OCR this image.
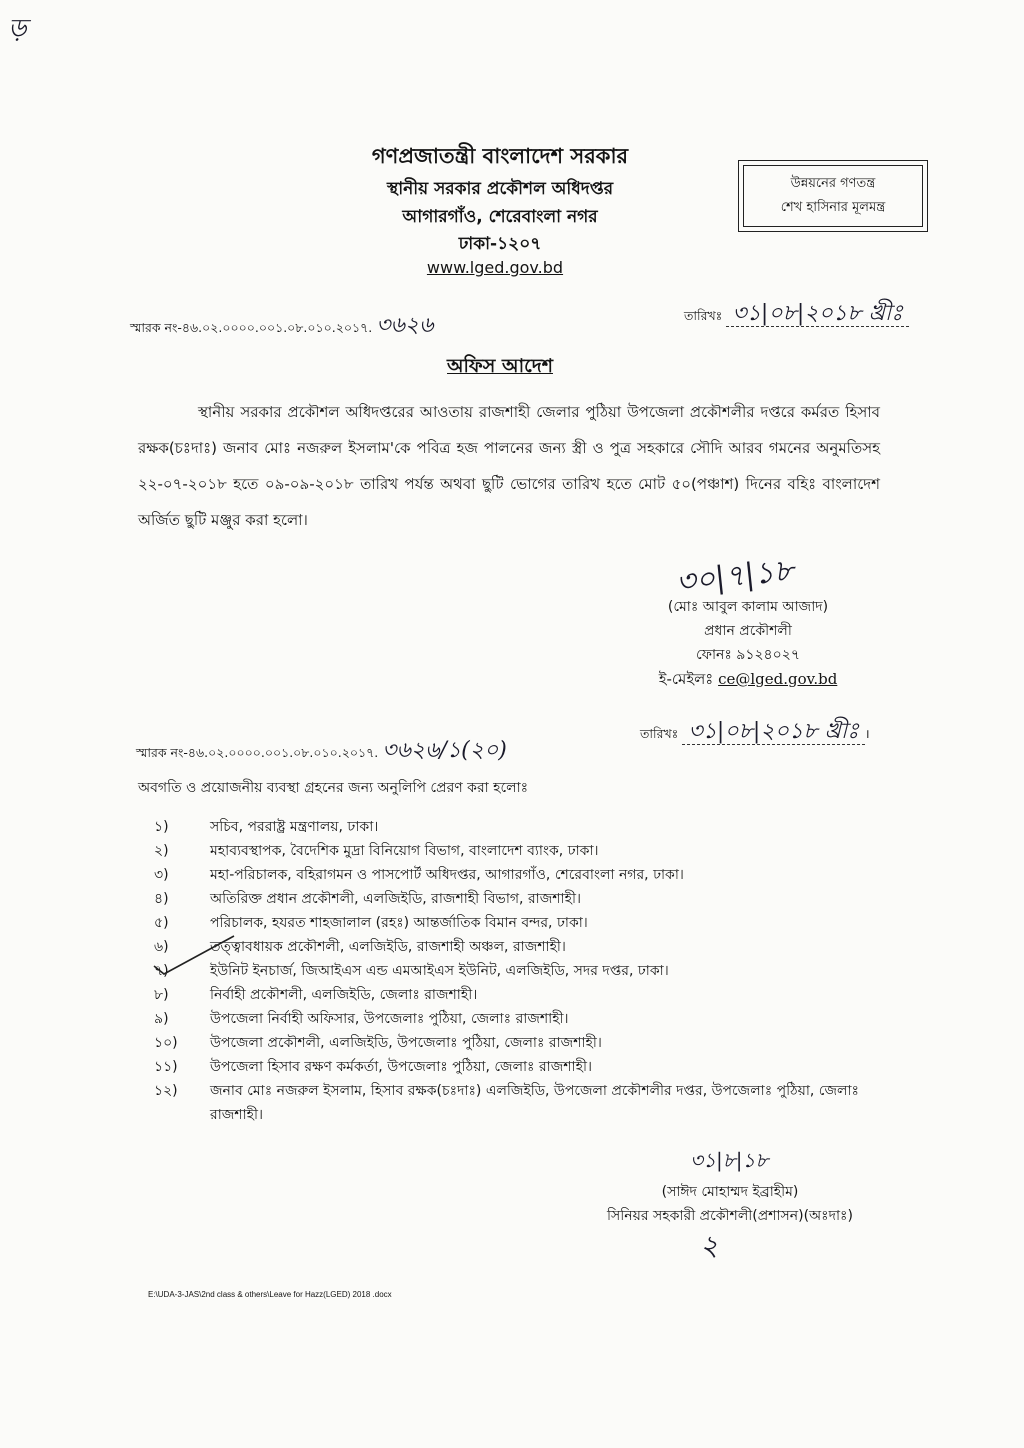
ড়
গণপ্রজাতন্ত্রী বাংলাদেশ সরকার
স্থানীয় সরকার প্রকৌশল অধিদপ্তর
আগারগাঁও, শেরেবাংলা নগর
ঢাকা-১২০৭
www.lged.gov.bd
উন্নয়নের গণতন্ত্র
শেখ হাসিনার মূলমন্ত্র
স্মারক নং-৪৬.০২.০০০০.০০১.০৮.০১০.২০১৭. ৩৬২৬	তারিখঃ ৩১|০৮|২০১৮ খ্রীঃ
অফিস আদেশ
স্থানীয় সরকার প্রকৌশল অধিদপ্তরের আওতায় রাজশাহী জেলার পুঠিয়া উপজেলা প্রকৌশলীর দপ্তরে কর্মরত হিসাব রক্ষক(চঃদাঃ) জনাব মোঃ নজরুল ইসলাম'কে পবিত্র হজ পালনের জন্য স্ত্রী ও পুত্র সহকারে সৌদি আরব গমনের অনুমতিসহ ২২-০৭-২০১৮ হতে ০৯-০৯-২০১৮ তারিখ পর্যন্ত অথবা ছুটি ভোগের তারিখ হতে মোট ৫০(পঞ্চাশ) দিনের বহিঃ বাংলাদেশ অর্জিত ছুটি মঞ্জুর করা হলো।
৩০|৭|১৮
(মোঃ আবুল কালাম আজাদ)
প্রধান প্রকৌশলী
ফোনঃ ৯১২৪০২৭
ই-মেইলঃ ce@lged.gov.bd
স্মারক নং-৪৬.০২.০০০০.০০১.০৮.০১০.২০১৭. ৩৬২৬/১(২০)
তারিখঃ ৩১|০৮|২০১৮ খ্রীঃ ।
অবগতি ও প্রয়োজনীয় ব্যবস্থা গ্রহনের জন্য অনুলিপি প্রেরণ করা হলোঃ
১)	সচিব, পররাষ্ট্র মন্ত্রণালয়, ঢাকা।
২)	মহাব্যবস্থাপক, বৈদেশিক মুদ্রা বিনিয়োগ বিভাগ, বাংলাদেশ ব্যাংক, ঢাকা।
৩)	মহা-পরিচালক, বহিরাগমন ও পাসপোর্ট অধিদপ্তর, আগারগাঁও, শেরেবাংলা নগর, ঢাকা।
৪)	অতিরিক্ত প্রধান প্রকৌশলী, এলজিইডি, রাজশাহী বিভাগ, রাজশাহী।
৫)	পরিচালক, হযরত শাহজালাল (রহঃ) আন্তর্জাতিক বিমান বন্দর, ঢাকা।
৬)	তত্ত্বাবধায়ক প্রকৌশলী, এলজিইডি, রাজশাহী অঞ্চল, রাজশাহী।
৭)	ইউনিট ইনচার্জ, জিআইএস এন্ড এমআইএস ইউনিট, এলজিইডি, সদর দপ্তর, ঢাকা।
৮)	নির্বাহী প্রকৌশলী, এলজিইডি, জেলাঃ রাজশাহী।
৯)	উপজেলা নির্বাহী অফিসার, উপজেলাঃ পুঠিয়া, জেলাঃ রাজশাহী।
১০)	উপজেলা প্রকৌশলী, এলজিইডি, উপজেলাঃ পুঠিয়া, জেলাঃ রাজশাহী।
১১)	উপজেলা হিসাব রক্ষণ কর্মকর্তা, উপজেলাঃ পুঠিয়া, জেলাঃ রাজশাহী।
১২)	জনাব মোঃ নজরুল ইসলাম, হিসাব রক্ষক(চঃদাঃ) এলজিইডি, উপজেলা প্রকৌশলীর দপ্তর, উপজেলাঃ পুঠিয়া, জেলাঃ রাজশাহী।
৩১|৮|১৮
(সাঈদ মোহাম্মদ ইব্রাহীম)
সিনিয়র সহকারী প্রকৌশলী(প্রশাসন)(অঃদাঃ)
২
E:\UDA-3-JAS\2nd class & others\Leave for Hazz(LGED) 2018 .docx
